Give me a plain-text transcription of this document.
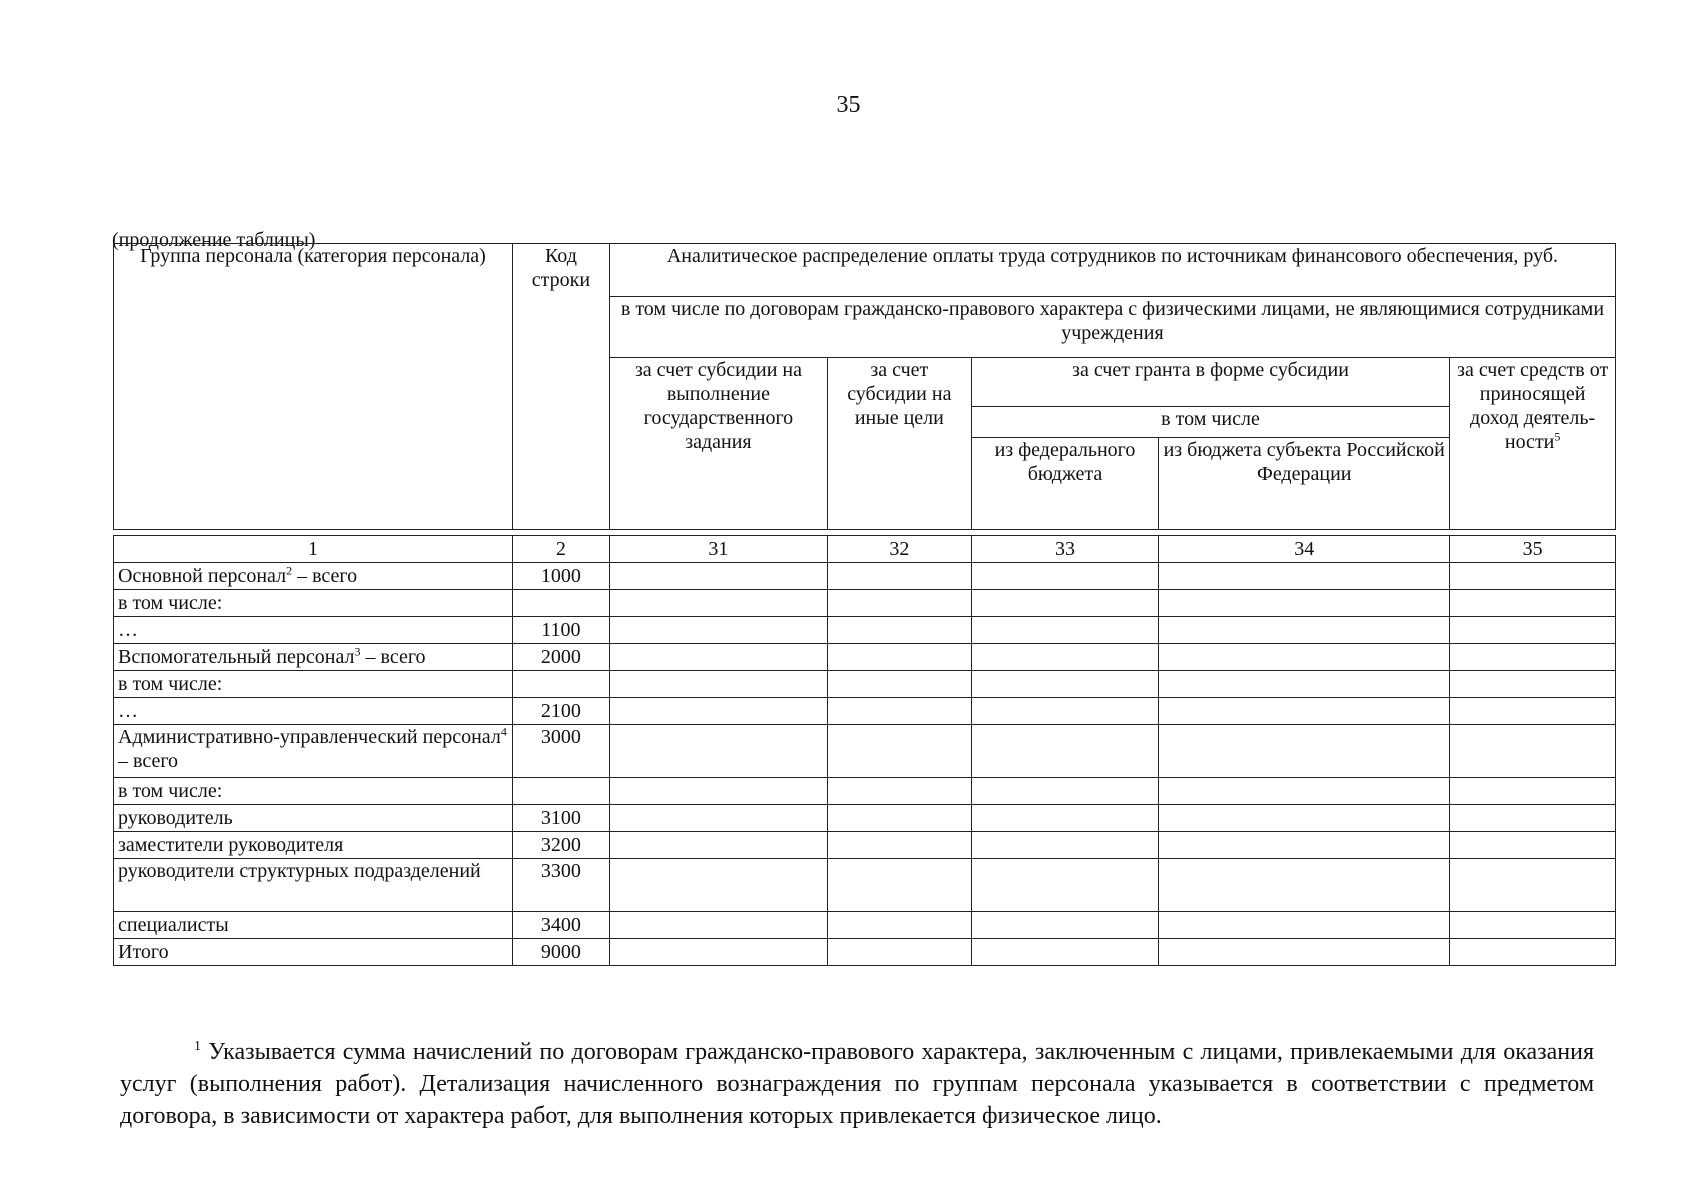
35
(продолжение таблицы)
Группа персонала (категория персонала)	Код строки	Аналитическое распределение оплаты труда сотрудников по источникам финансового обеспечения, руб.				
		в том числе по договорам гражданско-правового характера с физическими лицами, не являющимися сотрудниками учреждения				
		за счет субсидии на выполнение государственного задания	за счет субсидии на иные цели	за счет гранта в форме субсидии		за счет средств от приносящей доход деятель-ности$^5$
				в том числе		
				из федерального бюджета	из бюджета субъекта Российской Федерации	

1	2	31	32	33	34	35
Основной персонал$^2$ – всего	1000					
в том числе:						
…	1100					
Вспомогательный персонал$^3$ – всего	2000					
в том числе:						
…	2100					
Административно-управленческий персонал$^4$ – всего	3000					
в том числе:						
руководитель	3100					
заместители руководителя	3200					
руководители структурных подразделений	3300					
специалисты	3400					
Итого	9000					
$^1$ Указывается сумма начислений по договорам гражданско-правового характера, заключенным с лицами, привлекаемыми для оказания услуг (выполнения работ). Детализация начисленного вознаграждения по группам персонала указывается в соответствии с предметом договора, в зависимости от характера работ, для выполнения которых привлекается физическое лицо.
